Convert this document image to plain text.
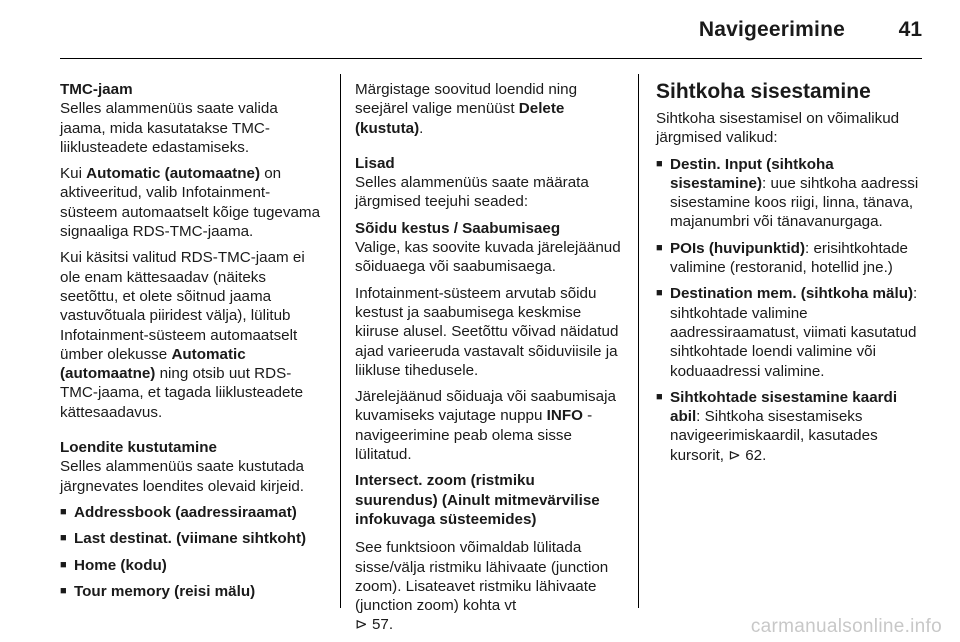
Navigeerimine	41
TMC-jaam

Selles alammenüüs saate valida jaama, mida kasutatakse TMC-liiklusteadete edastamiseks.

Kui Automatic (automaatne) on aktiveeritud, valib Infotainment-süsteem automaatselt kõige tugevama signaaliga RDS-TMC-jaama.

Kui käsitsi valitud RDS-TMC-jaam ei ole enam kättesaadav (näiteks seetõttu, et olete sõitnud jaama vastuvõtuala piiridest välja), lülitub Infotainment-süsteem automaatselt ümber olekusse Automatic (automaatne) ning otsib uut RDS-TMC-jaama, et tagada liiklusteadete kättesaadavus.

Loendite kustutamine

Selles alammenüüs saate kustutada järgnevates loendites olevaid kirjeid.

■ Addressbook (aadressiraamat)
■ Last destinat. (viimane sihtkoht)
■ Home (kodu)
■ Tour memory (reisi mälu)

Märgistage soovitud loendid ning seejärel valige menüüst Delete (kustuta).

Lisad

Selles alammenüüs saate määrata järgmised teejuhi seaded:

Sõidu kestus / Saabumisaeg

Valige, kas soovite kuvada järelejäänud sõiduaega või saabumisaega.

Infotainment-süsteem arvutab sõidu kestust ja saabumisega keskmise kiiruse alusel. Seetõttu võivad näidatud ajad varieeruda vastavalt sõiduviisile ja liikluse tihedusele.

Järelejäänud sõiduaja või saabumisaja kuvamiseks vajutage nuppu INFO - navigeerimine peab olema sisse lülitatud.

Intersect. zoom (ristmiku suurendus) (Ainult mitmevärvilise infokuvaga süsteemides)

See funktsioon võimaldab lülitada sisse/välja ristmiku lähivaate (junction zoom). Lisateavet ristmiku lähivaate (junction zoom) kohta vt
⊳ 57.

Sihtkoha sisestamine

Sihtkoha sisestamisel on võimalikud järgmised valikud:

■ Destin. Input (sihtkoha sisestamine): uue sihtkoha aadressi sisestamine koos riigi, linna, tänava, majanumbri või tänavanurgaga.
■ POIs (huvipunktid): erisihtkohtade valimine (restoranid, hotellid jne.)
■ Destination mem. (sihtkoha mälu): sihtkohtade valimine aadressiraamatust, viimati kasutatud sihtkohtade loendi valimine või koduaadressi valimine.
■ Sihtkohtade sisestamine kaardi abil: Sihtkoha sisestamiseks navigeerimiskaardil, kasutades kursorit, ⊳ 62.
carmanualsonline.info
